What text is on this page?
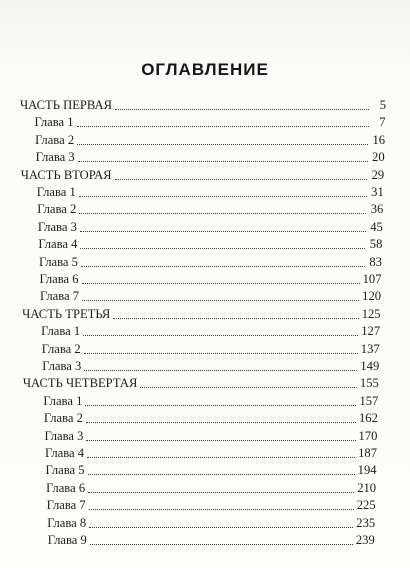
ОГЛАВЛЕНИЕ
ЧАСТЬ ПЕРВАЯ	5
Глава 1	7
Глава 2	16
Глава 3	20
ЧАСТЬ ВТОРАЯ	29
Глава 1	31
Глава 2	36
Глава 3	45
Глава 4	58
Глава 5	83
Глава 6	107
Глава 7	120
ЧАСТЬ ТРЕТЬЯ	125
Глава 1	127
Глава 2	137
Глава 3	149
ЧАСТЬ ЧЕТВЕРТАЯ	155
Глава 1	157
Глава 2	162
Глава 3	170
Глава 4	187
Глава 5	194
Глава 6	210
Глава 7	225
Глава 8	235
Глава 9	239
